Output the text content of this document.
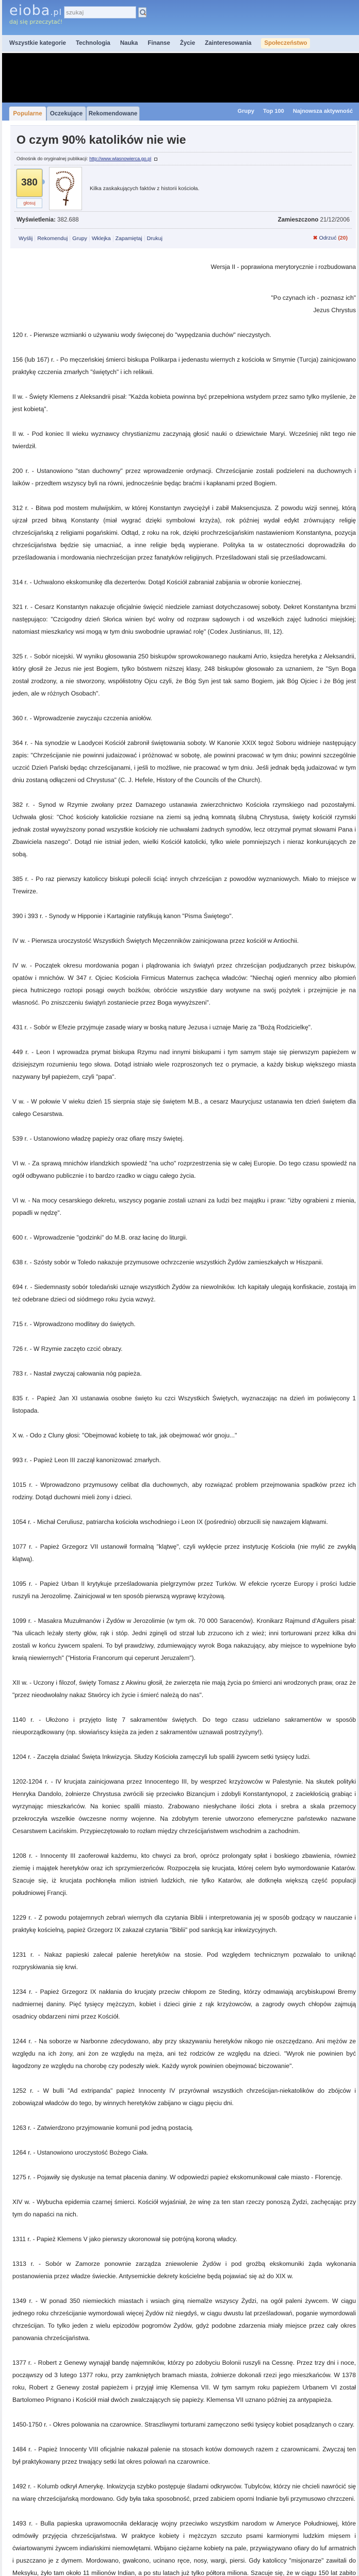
eioba.pl
daj się przeczytać!
szukaj
Wszystkie kategorie Technologia Nauka Finanse Życie Zainteresowania	Społeczeństwo
Popularne	Oczekujące	Rekomendowane	Grupy Top 100 Najnowsza aktywność
O czym 90% katolików nie wie
Odnośnik do oryginalnej publikacji: http://www.wlasnowierca.go.pl
380
głosuj
Kilka zaskakujących faktów z historii kościoła.
Wyświetlenia: 382.688	Zamieszczono 21/12/2006
Wyślij Rekomenduj Grupy Wklejka Zapamiętaj Drukuj	✖ Odrzuć (20)

Wersja II - poprawiona merytorycznie i rozbudowana

"Po czynach ich - poznasz ich"
Jezus Chrystus

120 r. - Pierwsze wzmianki o używaniu wody święconej do "wypędzania duchów" nieczystych.

156 (lub 167) r. - Po męczeńskiej śmierci biskupa Polikarpa i jedenastu wiernych z kościoła w Smyrnie (Turcja) zainicjowano praktykę czczenia zmarłych "świętych" i ich relikwii.

II w. - Święty Klemens z Aleksandrii pisał: "Każda kobieta powinna być przepełniona wstydem przez samo tylko myślenie, że jest kobietą".

II w. - Pod koniec II wieku wyznawcy chrystianizmu zaczynają głosić nauki o dziewictwie Maryi. Wcześniej nikt tego nie twierdził.

200 r. - Ustanowiono "stan duchowny" przez wprowadzenie ordynacji. Chrześcijanie zostali podzieleni na duchownych i laików - przedtem wszyscy byli na równi, jednocześnie będąc braćmi i kapłanami przed Bogiem.

312 r. - Bitwa pod mostem mulwijskim, w której Konstantyn zwyciężył i zabił Maksencjusza. Z powodu wizji sennej, którą ujrzał przed bitwą Konstanty (miał wygrać dzięki symbolowi krzyża), rok później wydał edykt zrównujący religię chrześcijańską z religiami pogańskimi. Odtąd, z roku na rok, dzięki prochrześcijańskim nastawieniom Konstantyna, pozycja chrześcijaństwa będzie się umacniać, a inne religie będą wypierane. Polityka ta w ostateczności doprowadziła do prześladowania i mordowania niechrześcijan przez fanatyków religijnych. Prześladowani stali się prześladowcami.

314 r. - Uchwalono ekskomunikę dla dezerterów. Dotąd Kościół zabraniał zabijania w obronie koniecznej.

321 r. - Cesarz Konstantyn nakazuje oficjalnie święcić niedziele zamiast dotychczasowej soboty. Dekret Konstantyna brzmi następująco: "Czcigodny dzień Słońca winien być wolny od rozpraw sądowych i od wszelkich zajęć ludności miejskiej; natomiast mieszkańcy wsi mogą w tym dniu swobodnie uprawiać rolę" (Codex Justinianus, III, 12).

325 r. - Sobór nicejski. W wyniku głosowania 250 biskupów sprowokowanego naukami Arrio, księdza heretyka z Aleksandrii, który głosił że Jezus nie jest Bogiem, tylko bóstwem niższej klasy, 248 biskupów głosowało za uznaniem, że "Syn Boga został zrodzony, a nie stworzony, współistotny Ojcu czyli, że Bóg Syn jest tak samo Bogiem, jak Bóg Ojciec i że Bóg jest jeden, ale w różnych Osobach".

360 r. - Wprowadzenie zwyczaju czczenia aniołów.

364 r. - Na synodzie w Laodycei Kościół zabronił świętowania soboty. W Kanonie XXIX tegoż Soboru widnieje następujący zapis: "Chrześcijanie nie powinni judaizować i próżnować w sobotę, ale powinni pracować w tym dniu; powinni szczególnie uczcić Dzień Pański będąc chrześcijanami, i jeśli to możliwe, nie pracować w tym dniu. Jeśli jednak będą judaizować w tym dniu zostaną odłączeni od Chrystusa" (C. J. Hefele, History of the Councils of the Church).

382 r. - Synod w Rzymie zwołany przez Damazego ustanawia zwierzchnictwo Kościoła rzymskiego nad pozostałymi. Uchwała głosi: "Choć kościoły katolickie rozsiane na ziemi są jedną komnatą ślubną Chrystusa, święty kościół rzymski jednak został wywyższony ponad wszystkie kościoły nie uchwałami żadnych synodów, lecz otrzymał prymat słowami Pana i Zbawiciela naszego". Dotąd nie istniał jeden, wielki Kościół katolicki, tylko wiele pomniejszych i nieraz konkurujących ze sobą.

385 r. - Po raz pierwszy katoliccy biskupi polecili ściąć innych chrześcijan z powodów wyznaniowych. Miało to miejsce w Trewirze.

390 i 393 r. - Synody w Hipponie i Kartaginie ratyfikują kanon "Pisma Świętego".

IV w. - Pierwsza uroczystość Wszystkich Świętych Męczenników zainicjowana przez kościół w Antiochii.

IV w. - Początek okresu mordowania pogan i plądrowania ich świątyń przez chrześcijan podjudzanych przez biskupów, opatów i mnichów. W 347 r. Ojciec Kościoła Firmicus Maternus zachęca władców: "Niechaj ogień mennicy albo płomień pieca hutniczego roztopi posągi owych bożków, obróćcie wszystkie dary wotywne na swój pożytek i przejmijcie je na własność. Po zniszczeniu świątyń zostaniecie przez Boga wywyższeni".

431 r. - Sobór w Efezie przyjmuje zasadę wiary w boską naturę Jezusa i uznaje Marię za "Bożą Rodzicielkę".

449 r. - Leon I wprowadza prymat biskupa Rzymu nad innymi biskupami i tym samym staje się pierwszym papieżem w dzisiejszym rozumieniu tego słowa. Dotąd istniało wiele rozproszonych tez o prymacie, a każdy biskup większego miasta nazywany był papieżem, czyli "papa".

V w. - W połowie V wieku dzień 15 sierpnia staje się świętem M.B., a cesarz Maurycjusz ustanawia ten dzień świętem dla całego Cesarstwa.

539 r. - Ustanowiono władzę papieży oraz ofiarę mszy świętej.

VI w. - Za sprawą mnichów irlandzkich spowiedź "na ucho" rozprzestrzenia się w całej Europie. Do tego czasu spowiedź na ogół odbywano publicznie i to bardzo rzadko w ciągu całego życia.

VI w. - Na mocy cesarskiego dekretu, wszyscy poganie zostali uznani za ludzi bez majątku i praw: "iżby ograbieni z mienia, popadli w nędzę".

600 r. - Wprowadzenie "godzinki" do M.B. oraz łacinę do liturgii.

638 r. - Szósty sobór w Toledo nakazuje przymusowe ochrzczenie wszystkich Żydów zamieszkałych w Hiszpanii.

694 r. - Siedemnasty sobór toledański uznaje wszystkich Żydów za niewolników. Ich kapitały ulegają konfiskacie, zostają im też odebrane dzieci od siódmego roku życia wzwyż.

715 r. - Wprowadzono modlitwy do świętych.

726 r. - W Rzymie zaczęto czcić obrazy.

783 r. - Nastał zwyczaj całowania nóg papieża.

835 r. - Papież Jan XI ustanawia osobne święto ku czci Wszystkich Świętych, wyznaczając na dzień im poświęcony 1 listopada.

X w. - Odo z Cluny głosi: "Obejmować kobietę to tak, jak obejmować wór gnoju..."

993 r. - Papież Leon III zaczął kanonizować zmarłych.

1015 r. - Wprowadzono przymusowy celibat dla duchownych, aby rozwiązać problem przejmowania spadków przez ich rodziny. Dotąd duchowni mieli żony i dzieci.

1054 r. - Michał Ceruliusz, patriarcha kościoła wschodniego i Leon IX (pośrednio) obrzucili się nawzajem klątwami.

1077 r. - Papież Grzegorz VII ustanowił formalną "klątwę", czyli wyklęcie przez instytucję Kościoła (nie mylić ze zwykłą klątwą).

1095 r. - Papież Urban II krytykuje prześladowania pielgrzymów przez Turków. W efekcie rycerze Europy i prości ludzie ruszyli na Jerozolimę. Zainicjował w ten sposób pierwszą wyprawę krzyżową.

1099 r. - Masakra Muzułmanów i Żydów w Jerozolimie (w tym ok. 70 000 Saracenów). Kronikarz Rajmund d'Aguilers pisał: "Na ulicach leżały sterty głów, rąk i stóp. Jedni zginęli od strzał lub zrzucono ich z wież; inni torturowani przez kilka dni zostali w końcu żywcem spaleni. To był prawdziwy, zdumiewający wyrok Boga nakazujący, aby miejsce to wypełnione było krwią niewiernych" ("Historia Francorum qui ceperunt Jeruzalem").

XII w. - Uczony i filozof, święty Tomasz z Akwinu głosił, że zwierzęta nie mają życia po śmierci ani wrodzonych praw, oraz że "przez nieodwołalny nakaz Stwórcy ich życie i śmierć należą do nas".

1140 r. - Ułożono i przyjęto listę 7 sakramentów świętych. Do tego czasu udzielano sakramentów w sposób nieuporządkowany (np. słowiańscy księża za jeden z sakramentów uznawali postrzyżyny!).

1204 r. - Zaczęła działać Święta Inkwizycja. Słudzy Kościoła zamęczyli lub spalili żywcem setki tysięcy ludzi.

1202-1204 r. - IV krucjata zainicjowana przez Innocentego III, by wesprzeć krzyżowców w Palestynie. Na skutek polityki Henryka Dandolo, żołnierze Chrystusa zwrócili się przeciwko Bizancjum i zdobyli Konstantynopol, z zaciekłością grabiąc i wyrzynając mieszkańców. Na koniec spalili miasto. Zrabowano niesłychane ilości złota i srebra a skala przemocy przekroczyła wszelkie ówczesne normy wojenne. Na zdobytym terenie utworzono efemeryczne państewko nazwane Cesarstwem Łacińskim. Przypieczętowało to rozłam między chrześcijaństwem wschodnim a zachodnim.

1208 r. - Innocenty III zaoferował każdemu, kto chwyci za broń, oprócz prolongaty spłat i boskiego zbawienia, również ziemię i majątek heretyków oraz ich sprzymierzeńców. Rozpoczęła się krucjata, której celem było wymordowanie Katarów. Szacuje się, iż krucjata pochłonęła milion istnień ludzkich, nie tylko Katarów, ale dotknęła większą część populacji południowej Francji.

1229 r. - Z powodu potajemnych zebrań wiernych dla czytania Biblii i interpretowania jej w sposób godzący w nauczanie i praktykę kościelną, papież Grzegorz IX zakazał czytania "Biblii" pod sankcją kar inkwizycyjnych.

1231 r. - Nakaz papieski zalecał palenie heretyków na stosie. Pod względem technicznym pozwalało to uniknąć rozpryskiwania się krwi.

1234 r. - Papież Grzegorz IX nakłania do krucjaty przeciw chłopom ze Steding, którzy odmawiają arcybiskupowi Bremy nadmiernej daniny. Pięć tysięcy mężczyzn, kobiet i dzieci ginie z rąk krzyżowców, a zagrody owych chłopów zajmują osadnicy obdarzeni nimi przez Kościół.

1244 r. - Na soborze w Narbonne zdecydowano, aby przy skazywaniu heretyków nikogo nie oszczędzano. Ani mężów ze względu na ich żony, ani żon ze względu na męża, ani też rodziców ze względu na dzieci. "Wyrok nie powinien być łagodzony ze względu na chorobę czy podeszły wiek. Każdy wyrok powinien obejmować biczowanie".

1252 r. - W bulli "Ad extripanda" papież Innocenty IV przyrównał wszystkich chrześcijan-niekatolików do zbójców i zobowiązał władców do tego, by winnych heretyków zabijano w ciągu pięciu dni.

1263 r. - Zatwierdzono przyjmowanie komunii pod jedną postacią.

1264 r. - Ustanowiono uroczystość Bożego Ciała.

1275 r. - Pojawiły się dyskusje na temat płacenia daniny. W odpowiedzi papież ekskomunikował całe miasto - Florencję.

XIV w. - Wybucha epidemia czarnej śmierci. Kościół wyjaśniał, że winę za ten stan rzeczy ponoszą Żydzi, zachęcając przy tym do napaści na nich.

1311 r. - Papież Klemens V jako pierwszy ukoronował się potrójną koroną władcy.

1313 r. - Sobór w Zamorze ponownie zarządza zniewolenie Żydów i pod groźbą ekskomuniki żąda wykonania postanowienia przez władze świeckie. Antysemickie dekrety kościelne będą pojawiać się aż do XIX w.

1349 r. - W ponad 350 niemieckich miastach i wsiach giną niemalże wszyscy Żydzi, na ogół paleni żywcem. W ciągu jednego roku chrześcijanie wymordowali więcej Żydów niż niegdyś, w ciągu dwustu lat prześladowań, poganie wymordowali chrześcijan. To tylko jeden z wielu epizodów pogromów Żydów, gdyż podobne zdarzenia miały miejsce przez cały okres panowania chrześcijaństwa.

1377 r. - Robert z Genewy wynajął bandę najemników, którzy po zdobyciu Bolonii ruszyli na Cessnę. Przez trzy dni i noce, począwszy od 3 lutego 1377 roku, przy zamkniętych bramach miasta, żołnierze dokonali rzezi jego mieszkańców. W 1378 roku, Robert z Genewy został papieżem i przyjął imię Klemensa VII. W tym samym roku papieżem Urbanem VI został Bartolomeo Prignano i Kościół miał dwóch zwalczających się papieży. Klemensa VII uznano później za antypapieża.

1450-1750 r. - Okres polowania na czarownice. Straszliwymi torturami zamęczono setki tysięcy kobiet posądzanych o czary.

1484 r. - Papież Innocenty VIII oficjalnie nakazał palenie na stosach kotów domowych razem z czarownicami. Zwyczaj ten był praktykowany przez trwający setki lat okres polowań na czarownice.

1492 r. - Kolumb odkrył Amerykę. Inkwizycja szybko postępuje śladami odkrywców. Tubylców, którzy nie chcieli nawrócić się na wiarę chrześcijańską mordowano. Gdy była taka sposobność, przed zabiciem oporni Indianie byli przymusowo chrzczeni.

1493 r. - Bulla papieska uprawomocniła deklarację wojny przeciwko wszystkim narodom w Ameryce Południowej, które odmówiły przyjęcia chrześcijaństwa. W praktyce kobiety i mężczyzn szczuto psami karmionymi ludzkim mięsem i ćwiartowanymi żywcem indiańskimi niemowlętami. Wbijano ciężarne kobiety na pale, przywiązywano ofiary do luf armatnich i puszczano je z dymem. Mordowano, gwałcono, ucinano ręce, nosy, wargi, piersi. Gdy katoliccy "misjonarze" zawitali do Meksyku, żyło tam około 11 milionów Indian, a po stu latach już tylko półtora miliona. Szacuje się, że w ciągu 150 lat zabito
